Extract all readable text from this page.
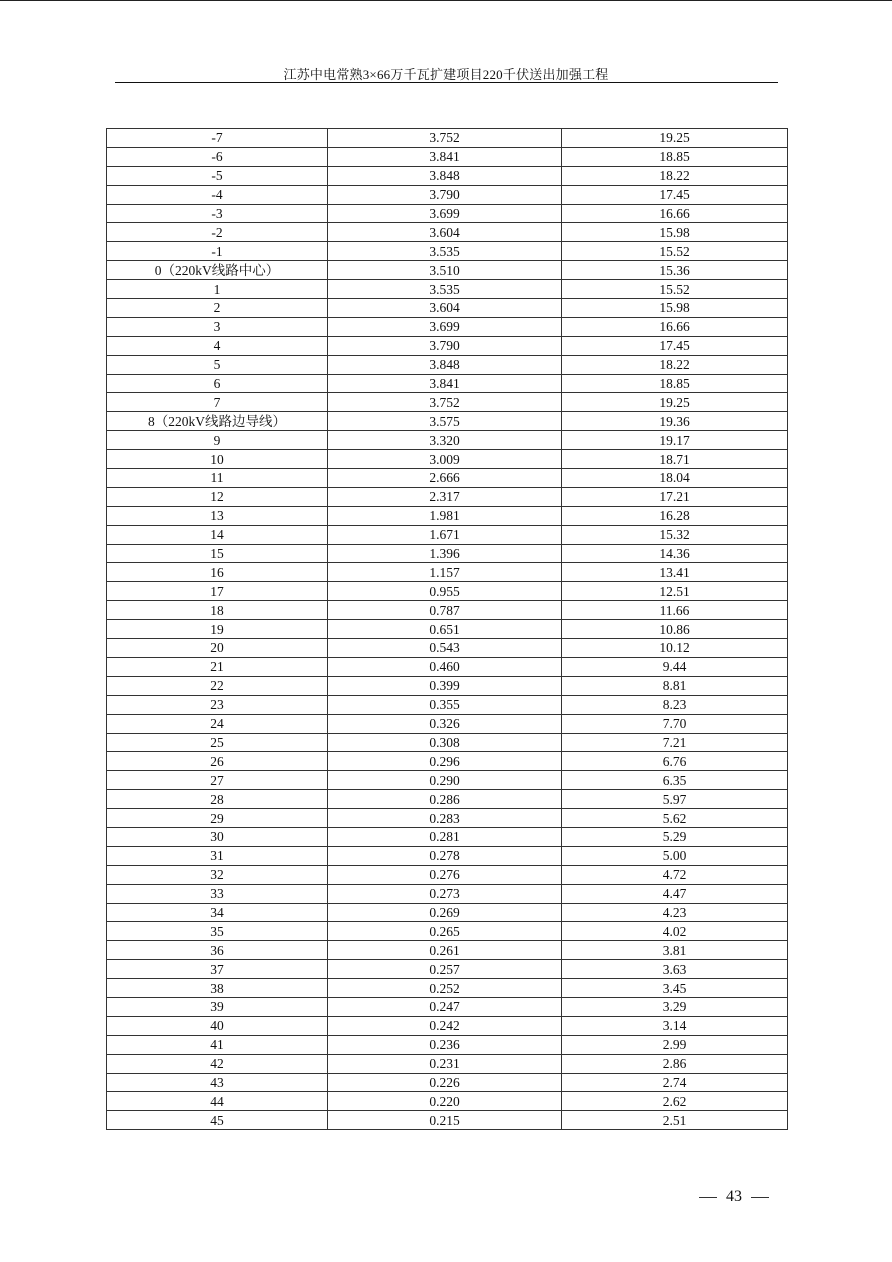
江苏中电常熟3×66万千瓦扩建项目220千伏送出加强工程
-7	3.752	19.25
-6	3.841	18.85
-5	3.848	18.22
-4	3.790	17.45
-3	3.699	16.66
-2	3.604	15.98
-1	3.535	15.52
0（220kV线路中心）	3.510	15.36
1	3.535	15.52
2	3.604	15.98
3	3.699	16.66
4	3.790	17.45
5	3.848	18.22
6	3.841	18.85
7	3.752	19.25
8（220kV线路边导线）	3.575	19.36
9	3.320	19.17
10	3.009	18.71
11	2.666	18.04
12	2.317	17.21
13	1.981	16.28
14	1.671	15.32
15	1.396	14.36
16	1.157	13.41
17	0.955	12.51
18	0.787	11.66
19	0.651	10.86
20	0.543	10.12
21	0.460	9.44
22	0.399	8.81
23	0.355	8.23
24	0.326	7.70
25	0.308	7.21
26	0.296	6.76
27	0.290	6.35
28	0.286	5.97
29	0.283	5.62
30	0.281	5.29
31	0.278	5.00
32	0.276	4.72
33	0.273	4.47
34	0.269	4.23
35	0.265	4.02
36	0.261	3.81
37	0.257	3.63
38	0.252	3.45
39	0.247	3.29
40	0.242	3.14
41	0.236	2.99
42	0.231	2.86
43	0.226	2.74
44	0.220	2.62
45	0.215	2.51
43
